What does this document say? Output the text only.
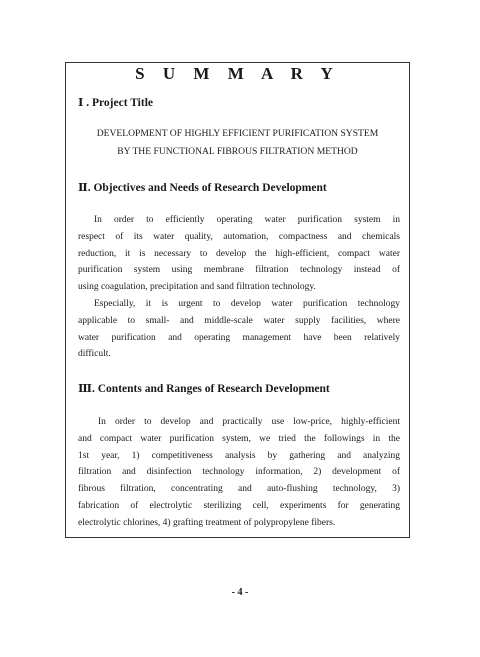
S U M M A R Y
Ⅰ . Project Title

DEVELOPMENT OF HIGHLY EFFICIENT PURIFICATION SYSTEM
BY THE FUNCTIONAL FIBROUS FILTRATION METHOD

Ⅱ. Objectives and Needs of Research Development

In order to efficiently operating water purification system in
respect of its water quality, automation, compactness and chemicals
reduction, it is necessary to develop the high-efficient, compact water
purification system using membrane filtration technology instead of
using coagulation, precipitation and sand filtration technology.

Especially, it is urgent to develop water purification technology
applicable to small- and middle-scale water supply facilities, where
water purification and operating management have been relatively
difficult.

Ⅲ. Contents and Ranges of Research Development

In order to develop and practically use low-price, highly-efficient
and compact water purification system, we tried the followings in the
1st year, 1) competitiveness analysis by gathering and analyzing
filtration and disinfection technology information, 2) development of
fibrous filtration, concentrating and auto-flushing technology, 3)
fabrication of electrolytic sterilizing cell, experiments for generating
electrolytic chlorines, 4) grafting treatment of polypropylene fibers.

- 4 -
